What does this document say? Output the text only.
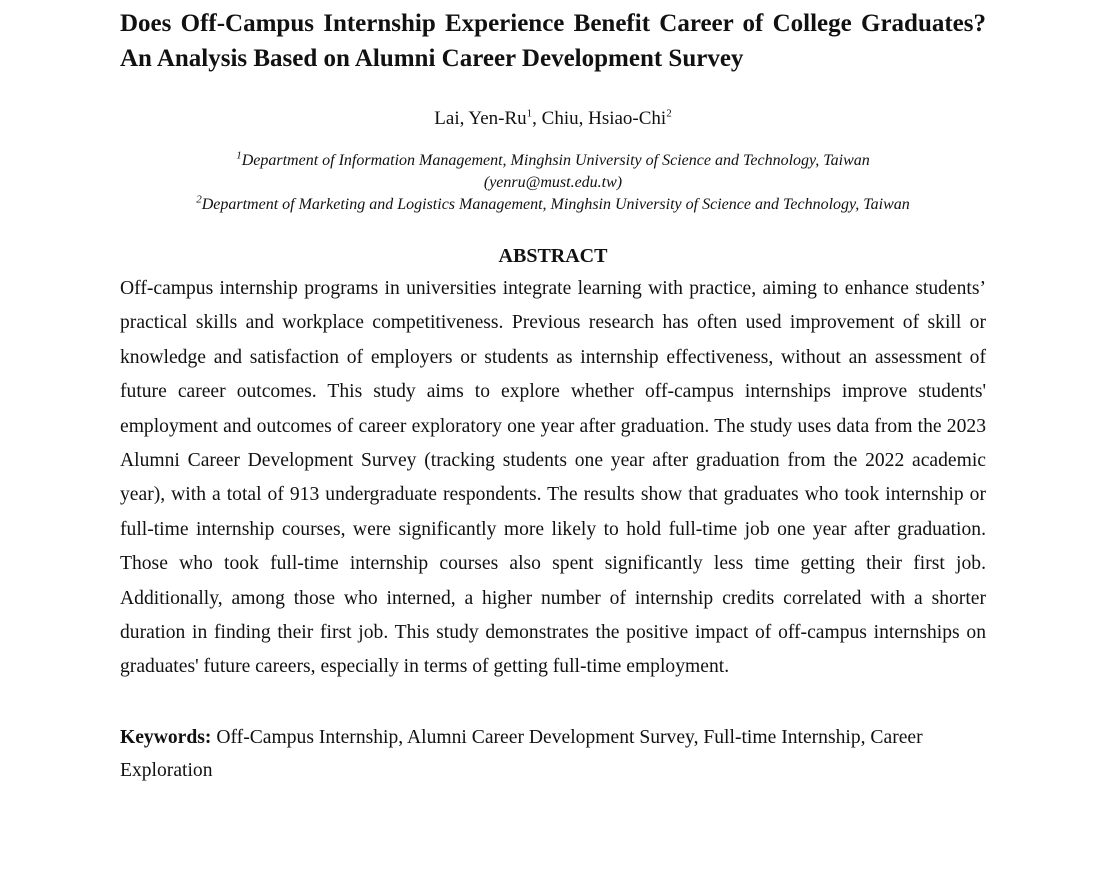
Does Off-Campus Internship Experience Benefit Career of College Graduates? An Analysis Based on Alumni Career Development Survey
Lai, Yen-Ru$^1$, Chiu, Hsiao-Chi$^2$
$^1$Department of Information Management, Minghsin University of Science and Technology, Taiwan
(yenru@must.edu.tw)
$^2$Department of Marketing and Logistics Management, Minghsin University of Science and Technology, Taiwan
ABSTRACT
Off-campus internship programs in universities integrate learning with practice, aiming to enhance students’ practical skills and workplace competitiveness. Previous research has often used improvement of skill or knowledge and satisfaction of employers or students as internship effectiveness, without an assessment of future career outcomes. This study aims to explore whether off-campus internships improve students' employment and outcomes of career exploratory one year after graduation. The study uses data from the 2023 Alumni Career Development Survey (tracking students one year after graduation from the 2022 academic year), with a total of 913 undergraduate respondents. The results show that graduates who took internship or full-time internship courses, were significantly more likely to hold full-time job one year after graduation. Those who took full-time internship courses also spent significantly less time getting their first job. Additionally, among those who interned, a higher number of internship credits correlated with a shorter duration in finding their first job. This study demonstrates the positive impact of off-campus internships on graduates' future careers, especially in terms of getting full-time employment.
Keywords: Off-Campus Internship, Alumni Career Development Survey, Full-time Internship, Career Exploration
